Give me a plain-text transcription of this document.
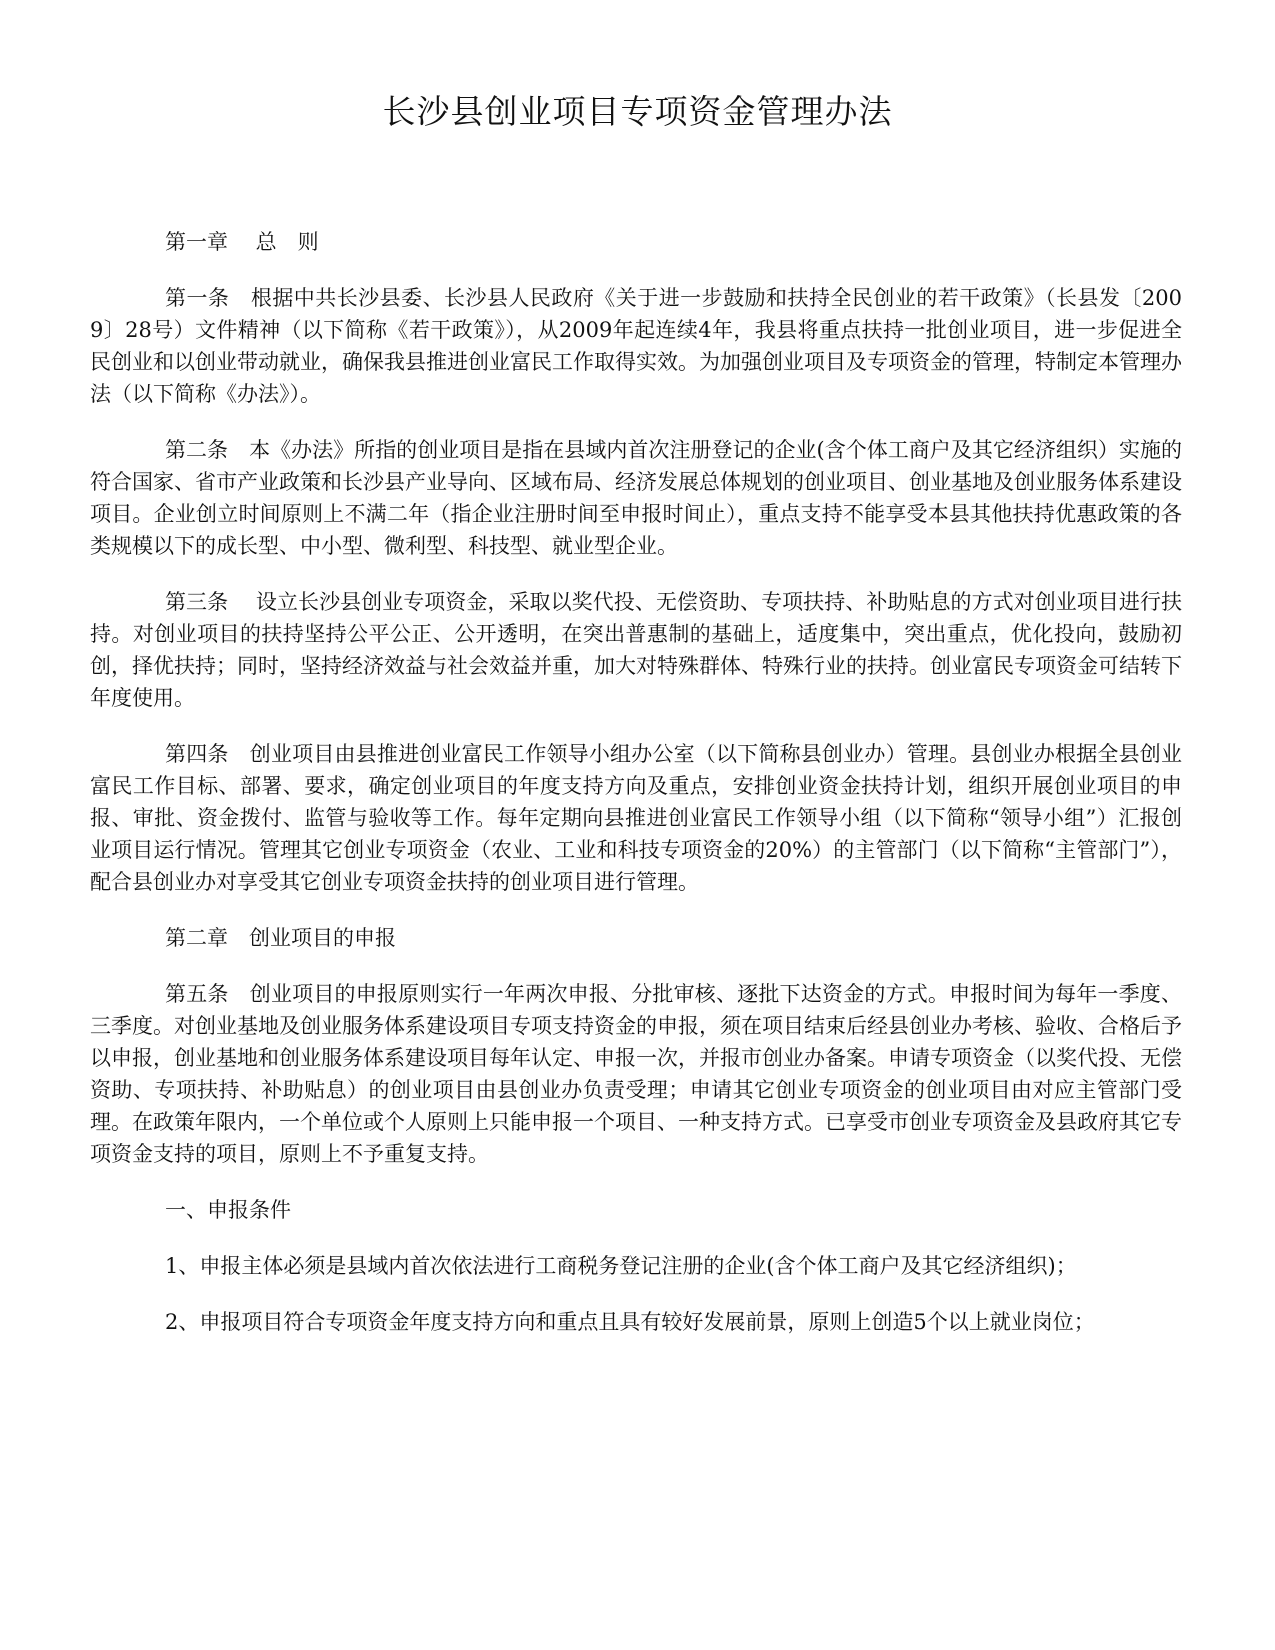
长沙县创业项目专项资金管理办法

第一章　 总　则

第一条　根据中共长沙县委、长沙县人民政府《关于进一步鼓励和扶持全民创业的若干政策》（长县发〔2009〕28号）文件精神（以下简称《若干政策》），从2009年起连续4年，我县将重点扶持一批创业项目，进一步促进全民创业和以创业带动就业，确保我县推进创业富民工作取得实效。为加强创业项目及专项资金的管理，特制定本管理办法（以下简称《办法》）。

第二条　本《办法》所指的创业项目是指在县域内首次注册登记的企业(含个体工商户及其它经济组织）实施的符合国家、省市产业政策和长沙县产业导向、区域布局、经济发展总体规划的创业项目、创业基地及创业服务体系建设项目。企业创立时间原则上不满二年（指企业注册时间至申报时间止），重点支持不能享受本县其他扶持优惠政策的各类规模以下的成长型、中小型、微利型、科技型、就业型企业。

第三条　 设立长沙县创业专项资金，采取以奖代投、无偿资助、专项扶持、补助贴息的方式对创业项目进行扶持。对创业项目的扶持坚持公平公正、公开透明，在突出普惠制的基础上，适度集中，突出重点，优化投向，鼓励初创，择优扶持；同时，坚持经济效益与社会效益并重，加大对特殊群体、特殊行业的扶持。创业富民专项资金可结转下年度使用。

第四条　创业项目由县推进创业富民工作领导小组办公室（以下简称县创业办）管理。县创业办根据全县创业富民工作目标、部署、要求，确定创业项目的年度支持方向及重点，安排创业资金扶持计划，组织开展创业项目的申报、审批、资金拨付、监管与验收等工作。每年定期向县推进创业富民工作领导小组（以下简称“领导小组”）汇报创业项目运行情况。管理其它创业专项资金（农业、工业和科技专项资金的20%）的主管部门（以下简称“主管部门”），配合县创业办对享受其它创业专项资金扶持的创业项目进行管理。

第二章　创业项目的申报

第五条　创业项目的申报原则实行一年两次申报、分批审核、逐批下达资金的方式。申报时间为每年一季度、三季度。对创业基地及创业服务体系建设项目专项支持资金的申报，须在项目结束后经县创业办考核、验收、合格后予以申报，创业基地和创业服务体系建设项目每年认定、申报一次，并报市创业办备案。申请专项资金（以奖代投、无偿资助、专项扶持、补助贴息）的创业项目由县创业办负责受理；申请其它创业专项资金的创业项目由对应主管部门受理。在政策年限内，一个单位或个人原则上只能申报一个项目、一种支持方式。已享受市创业专项资金及县政府其它专项资金支持的项目，原则上不予重复支持。

一、申报条件

1、申报主体必须是县域内首次依法进行工商税务登记注册的企业(含个体工商户及其它经济组织)；

2、申报项目符合专项资金年度支持方向和重点且具有较好发展前景，原则上创造5个以上就业岗位；
